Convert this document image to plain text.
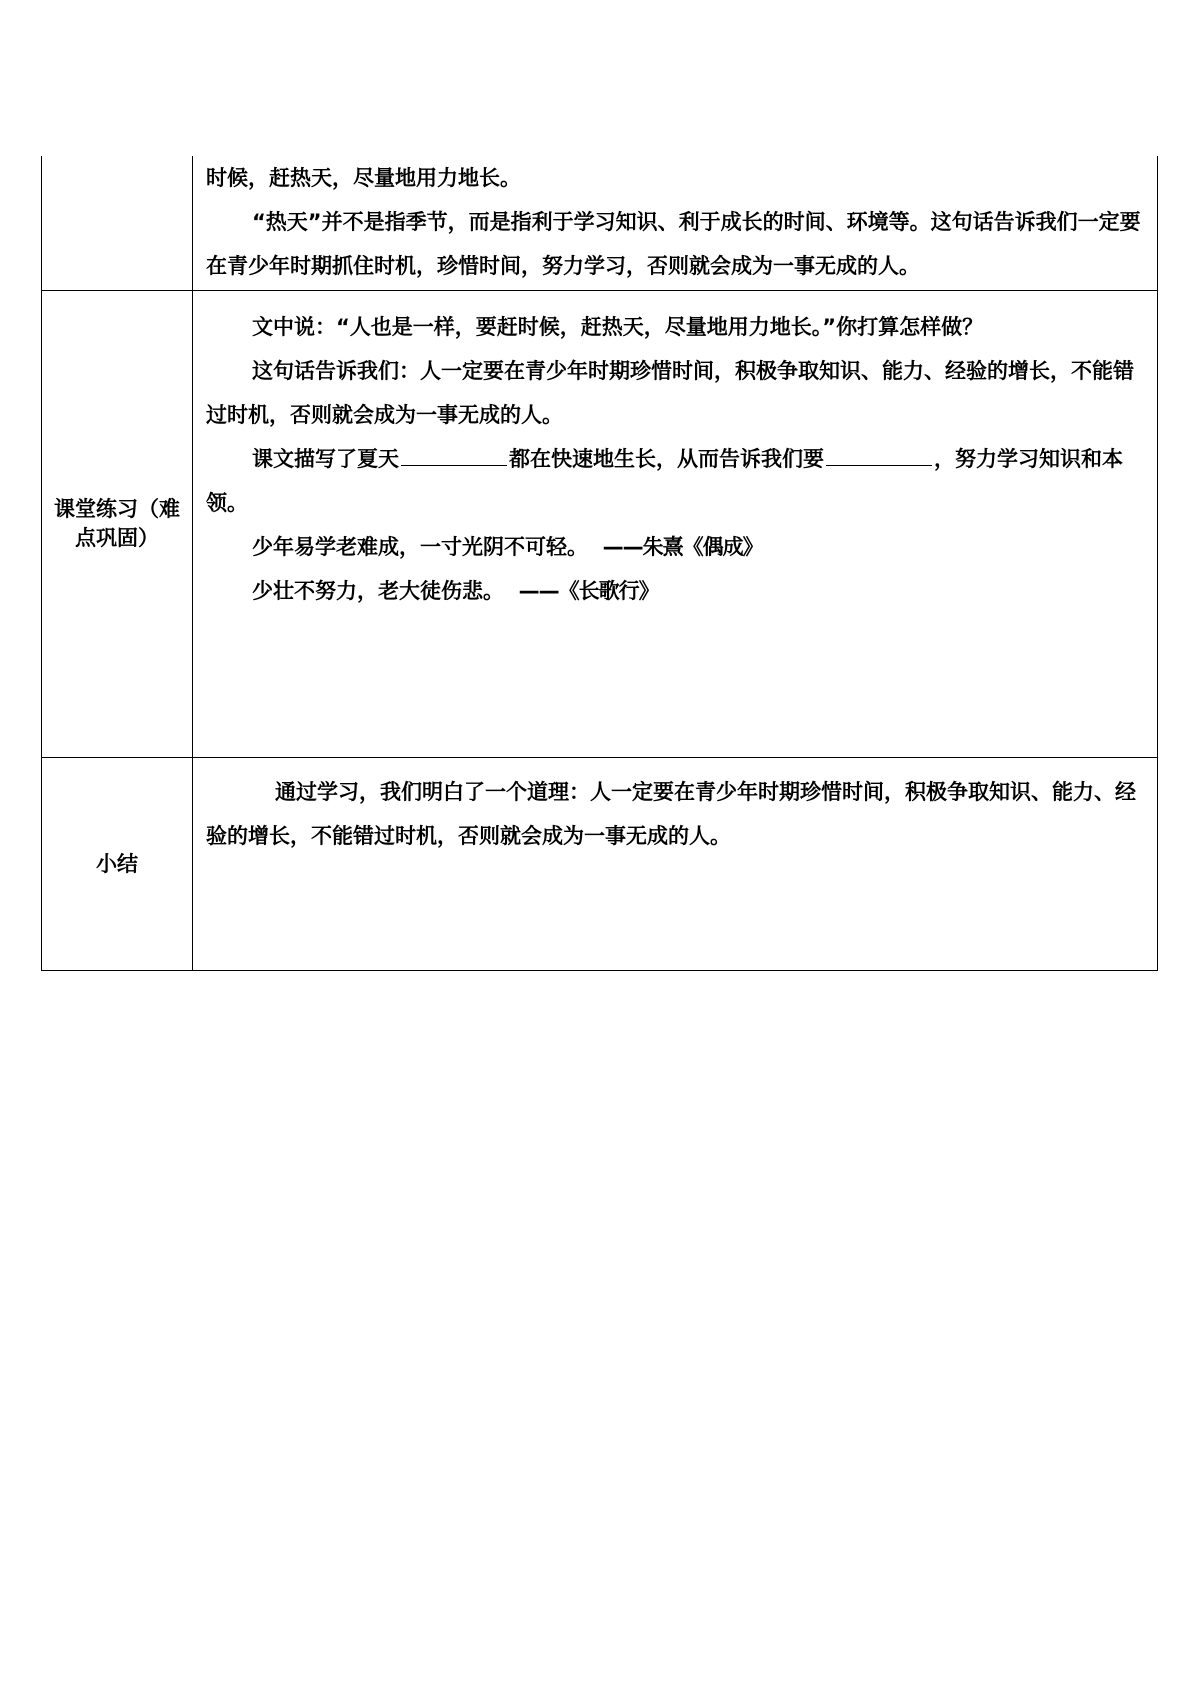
	时候，赶热天，尽量地用力地长。

“热天”并不是指季节，而是指利于学习知识、利于成长的时间、环境等。这句话告诉我们一定要在青少年时期抓住时机，珍惜时间，努力学习，否则就会成为一事无成的人。

课堂练习（难点巩固）	文中说：“人也是一样，要赶时候，赶热天，尽量地用力地长。”你打算怎样做？

这句话告诉我们：人一定要在青少年时期珍惜时间，积极争取知识、能力、经验的增长，不能错过时机，否则就会成为一事无成的人。

课文描写了夏天 都在快速地生长，从而告诉我们要 ，努力学习知识和本领。

少年易学老难成，一寸光阴不可轻。 ——朱熹《偶成》

少壮不努力，老大徒伤悲。 ——《长歌行》

小结	通过学习，我们明白了一个道理：人一定要在青少年时期珍惜时间，积极争取知识、能力、经验的增长，不能错过时机，否则就会成为一事无成的人。
